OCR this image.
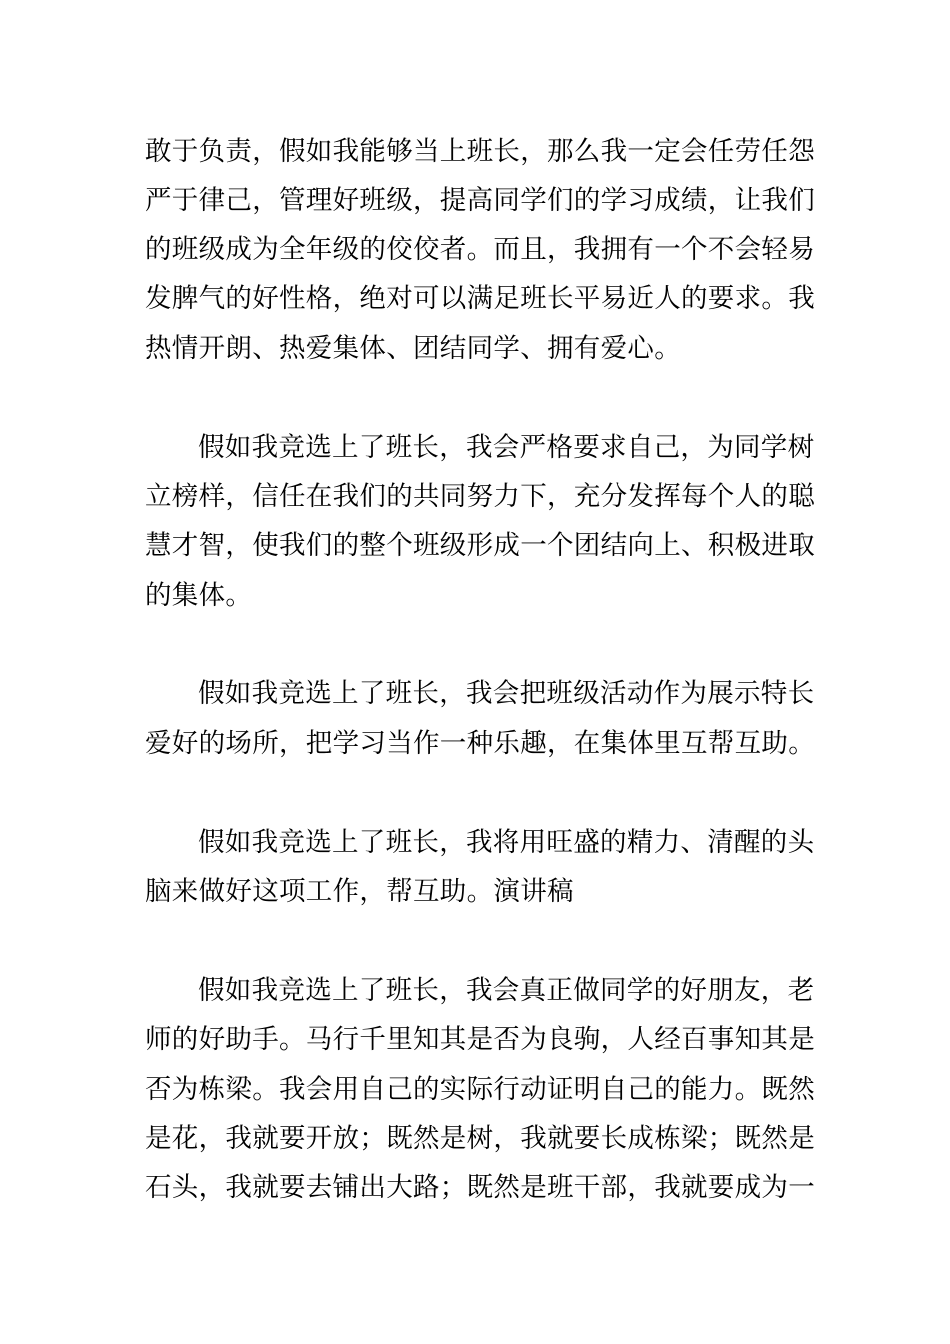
敢于负责，假如我能够当上班长，那么我一定会任劳任怨
严于律己，管理好班级，提高同学们的学习成绩，让我们
的班级成为全年级的佼佼者。而且，我拥有一个不会轻易
发脾气的好性格，绝对可以满足班长平易近人的要求。我
热情开朗、热爱集体、团结同学、拥有爱心。
假如我竞选上了班长，我会严格要求自己，为同学树
立榜样，信任在我们的共同努力下，充分发挥每个人的聪
慧才智，使我们的整个班级形成一个团结向上、积极进取
的集体。
假如我竞选上了班长，我会把班级活动作为展示特长
爱好的场所，把学习当作一种乐趣，在集体里互帮互助。
假如我竞选上了班长，我将用旺盛的精力、清醒的头
脑来做好这项工作，帮互助。演讲稿
假如我竞选上了班长，我会真正做同学的好朋友，老
师的好助手。马行千里知其是否为良驹，人经百事知其是
否为栋梁。我会用自己的实际行动证明自己的能力。既然
是花，我就要开放；既然是树，我就要长成栋梁；既然是
石头，我就要去铺出大路；既然是班干部，我就要成为一
